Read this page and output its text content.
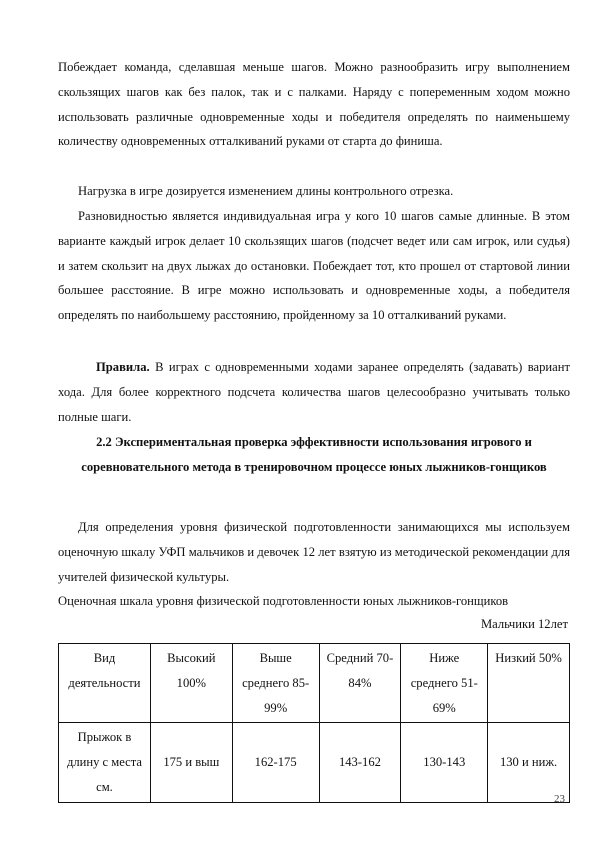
Побеждает команда, сделавшая меньше шагов. Можно разнообразить игру выполнением скользящих шагов как без палок, так и с палками. Наряду с попеременным ходом можно использовать различные одновременные ходы и победителя определять по наименьшему количеству одновременных отталкиваний руками от старта до финиша.

Нагрузка в игре дозируется изменением длины контрольного отрезка.

Разновидностью является индивидуальная игра у кого 10 шагов самые длинные. В этом варианте каждый игрок делает 10 скользящих шагов (подсчет ведет или сам игрок, или судья) и затем скользит на двух лыжах до остановки. Побеждает тот, кто прошел от стартовой линии большее расстояние. В игре можно использовать и одновременные ходы, а победителя определять по наибольшему расстоянию, пройденному за 10 отталкиваний руками.

Правила. В играх с одновременными ходами заранее определять (задавать) вариант хода. Для более корректного подсчета количества шагов целесообразно учитывать только полные шаги.

2.2 Экспериментальная проверка эффективности использования игрового и соревновательного метода в тренировочном процессе юных лыжников-гонщиков

Для определения уровня физической подготовленности занимающихся мы используем оценочную шкалу УФП мальчиков и девочек 12 лет взятую из методической рекомендации для учителей физической культуры.
Оценочная шкала уровня физической подготовленности юных лыжников-гонщиков
Мальчики 12лет
Вид деятельности	Высокий 100%	Выше среднего 85-99%	Средний 70-84%	Ниже среднего 51-69%	Низкий 50%
Прыжок в длину с места см.	175 и выш	162-175	143-162	130-143	130 и ниж.
23
